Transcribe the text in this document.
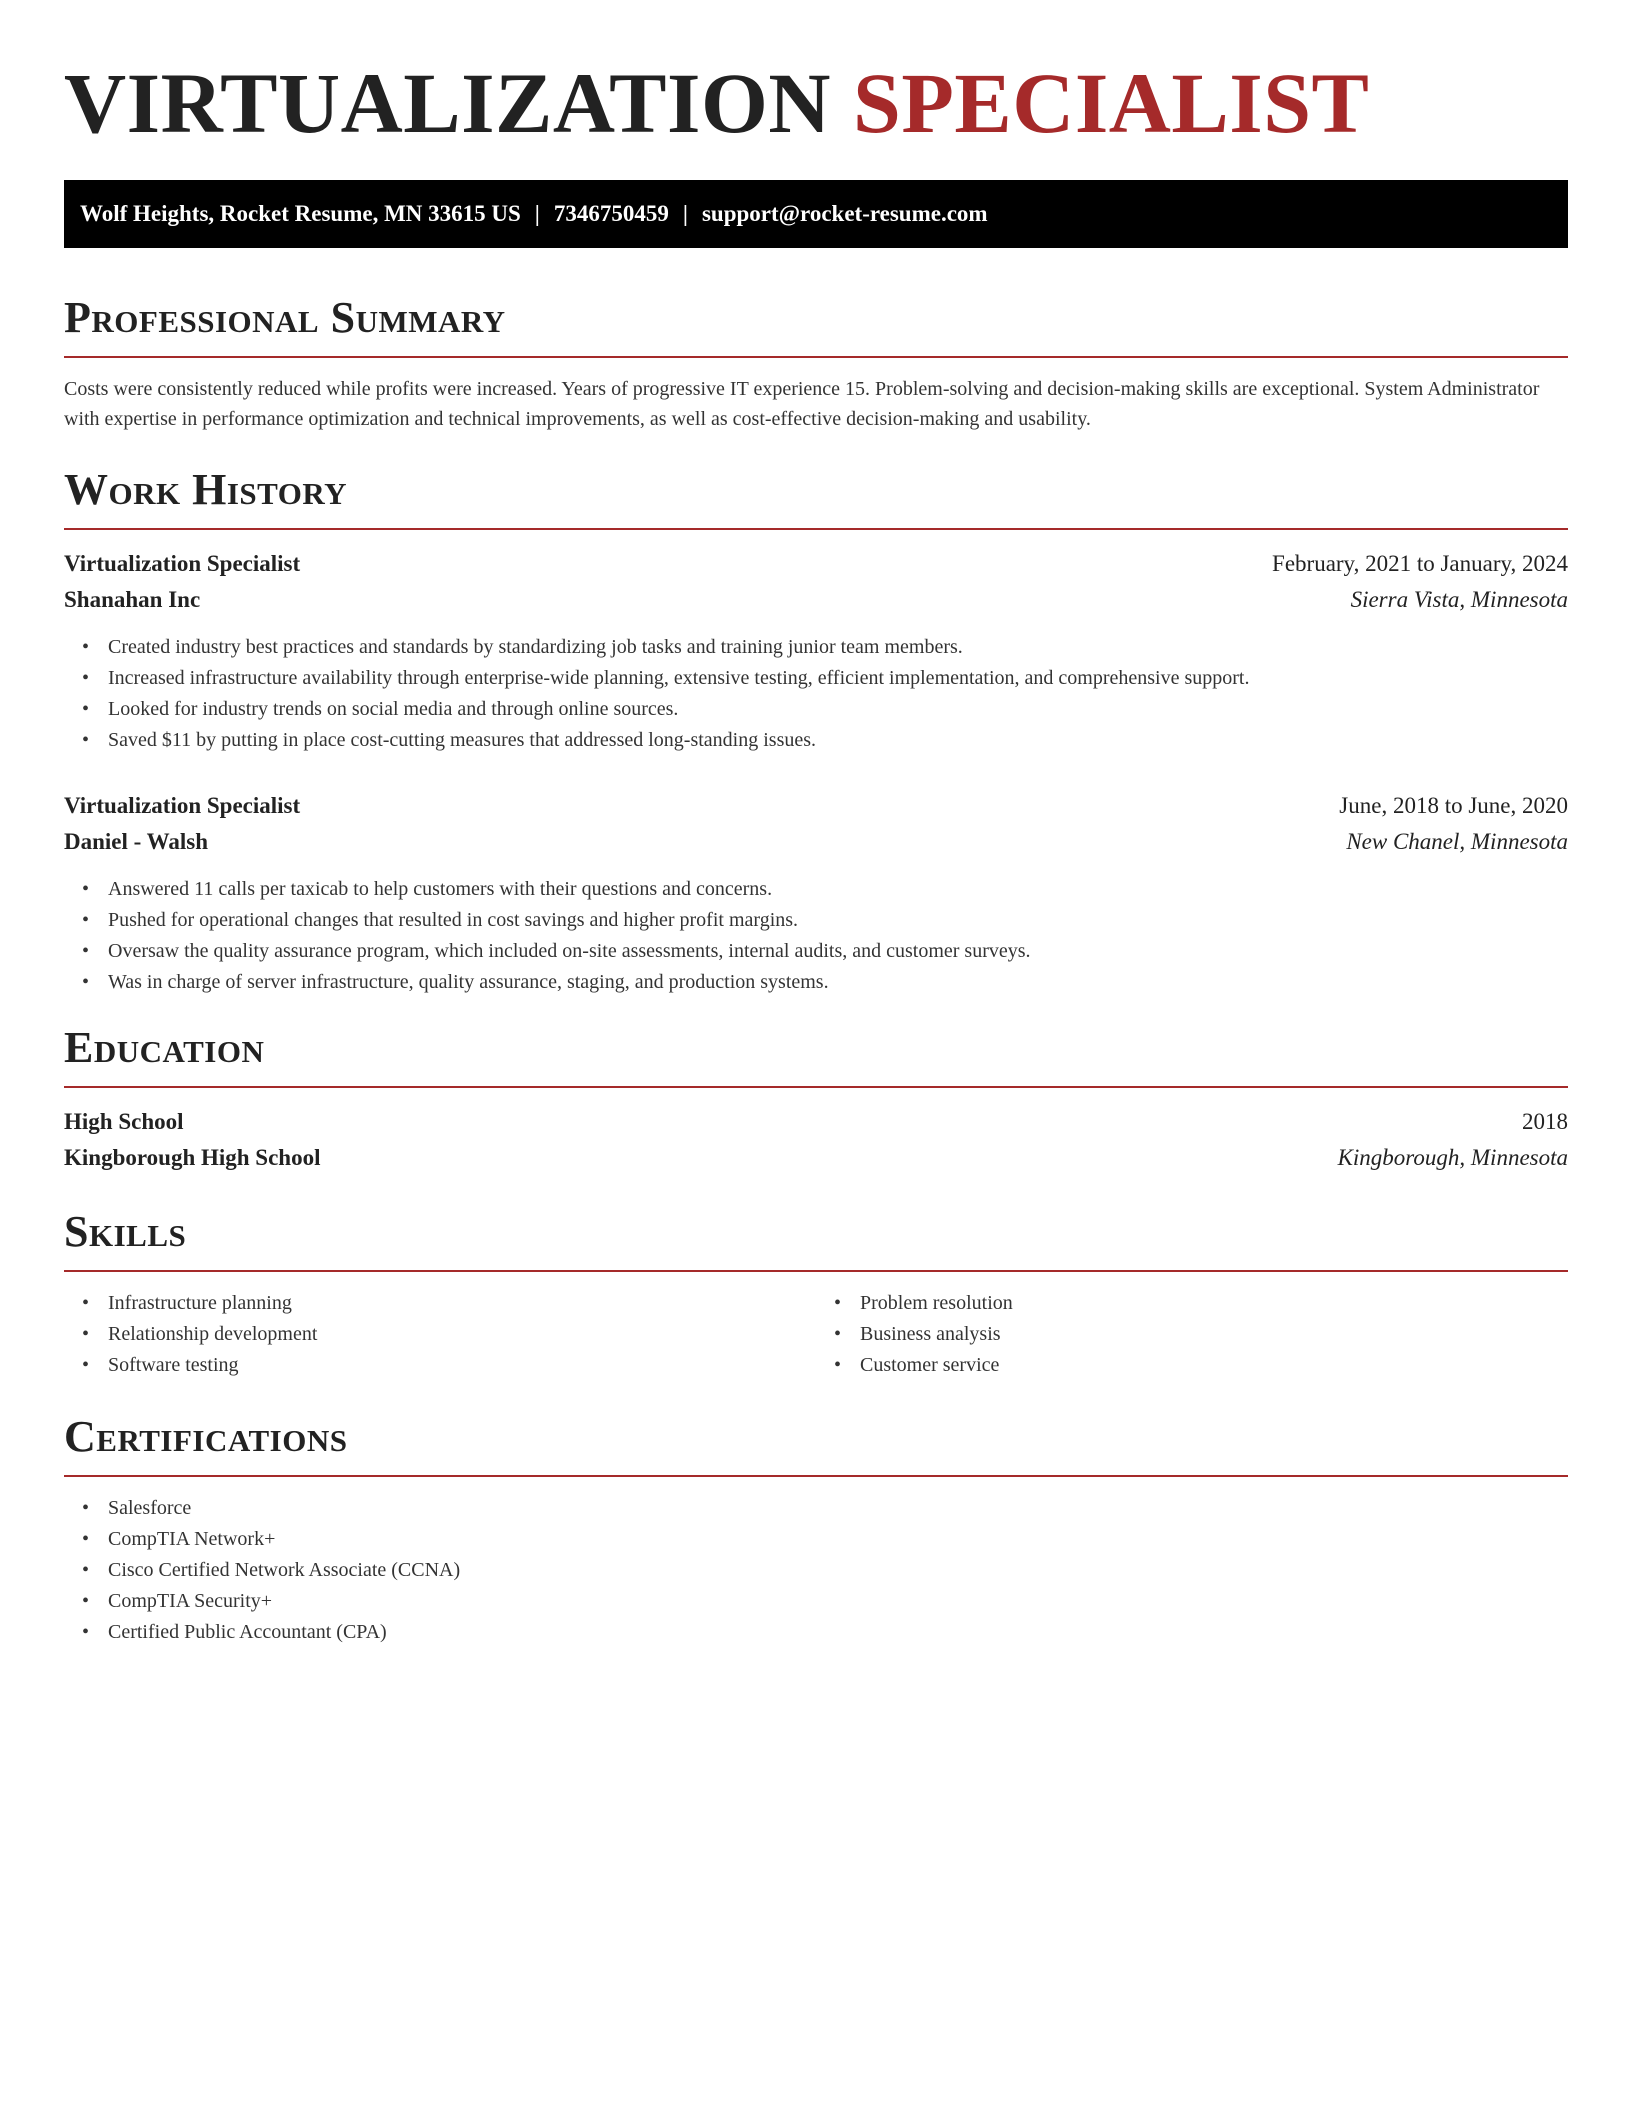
VIRTUALIZATION SPECIALIST
Wolf Heights, Rocket Resume, MN 33615 US | 7346750459 | support@rocket-resume.com
Professional Summary

Costs were consistently reduced while profits were increased. Years of progressive IT experience 15. Problem-solving and decision-making skills are exceptional. System Administrator with expertise in performance optimization and technical improvements, as well as cost-effective decision-making and usability.

Work History
Virtualization Specialist	February, 2021 to January, 2024
Shanahan Inc	Sierra Vista, Minnesota
• Created industry best practices and standards by standardizing job tasks and training junior team members.
• Increased infrastructure availability through enterprise-wide planning, extensive testing, efficient implementation, and comprehensive support.
• Looked for industry trends on social media and through online sources.
• Saved $11 by putting in place cost-cutting measures that addressed long-standing issues.
Virtualization Specialist	June, 2018 to June, 2020
Daniel - Walsh	New Chanel, Minnesota
• Answered 11 calls per taxicab to help customers with their questions and concerns.
• Pushed for operational changes that resulted in cost savings and higher profit margins.
• Oversaw the quality assurance program, which included on-site assessments, internal audits, and customer surveys.
• Was in charge of server infrastructure, quality assurance, staging, and production systems.
Education
High School	2018
Kingborough High School	Kingborough, Minnesota
Skills
• Infrastructure planning
• Relationship development
• Software testing
• Problem resolution
• Business analysis
• Customer service
Certifications
• Salesforce
• CompTIA Network+
• Cisco Certified Network Associate (CCNA)
• CompTIA Security+
• Certified Public Accountant (CPA)
